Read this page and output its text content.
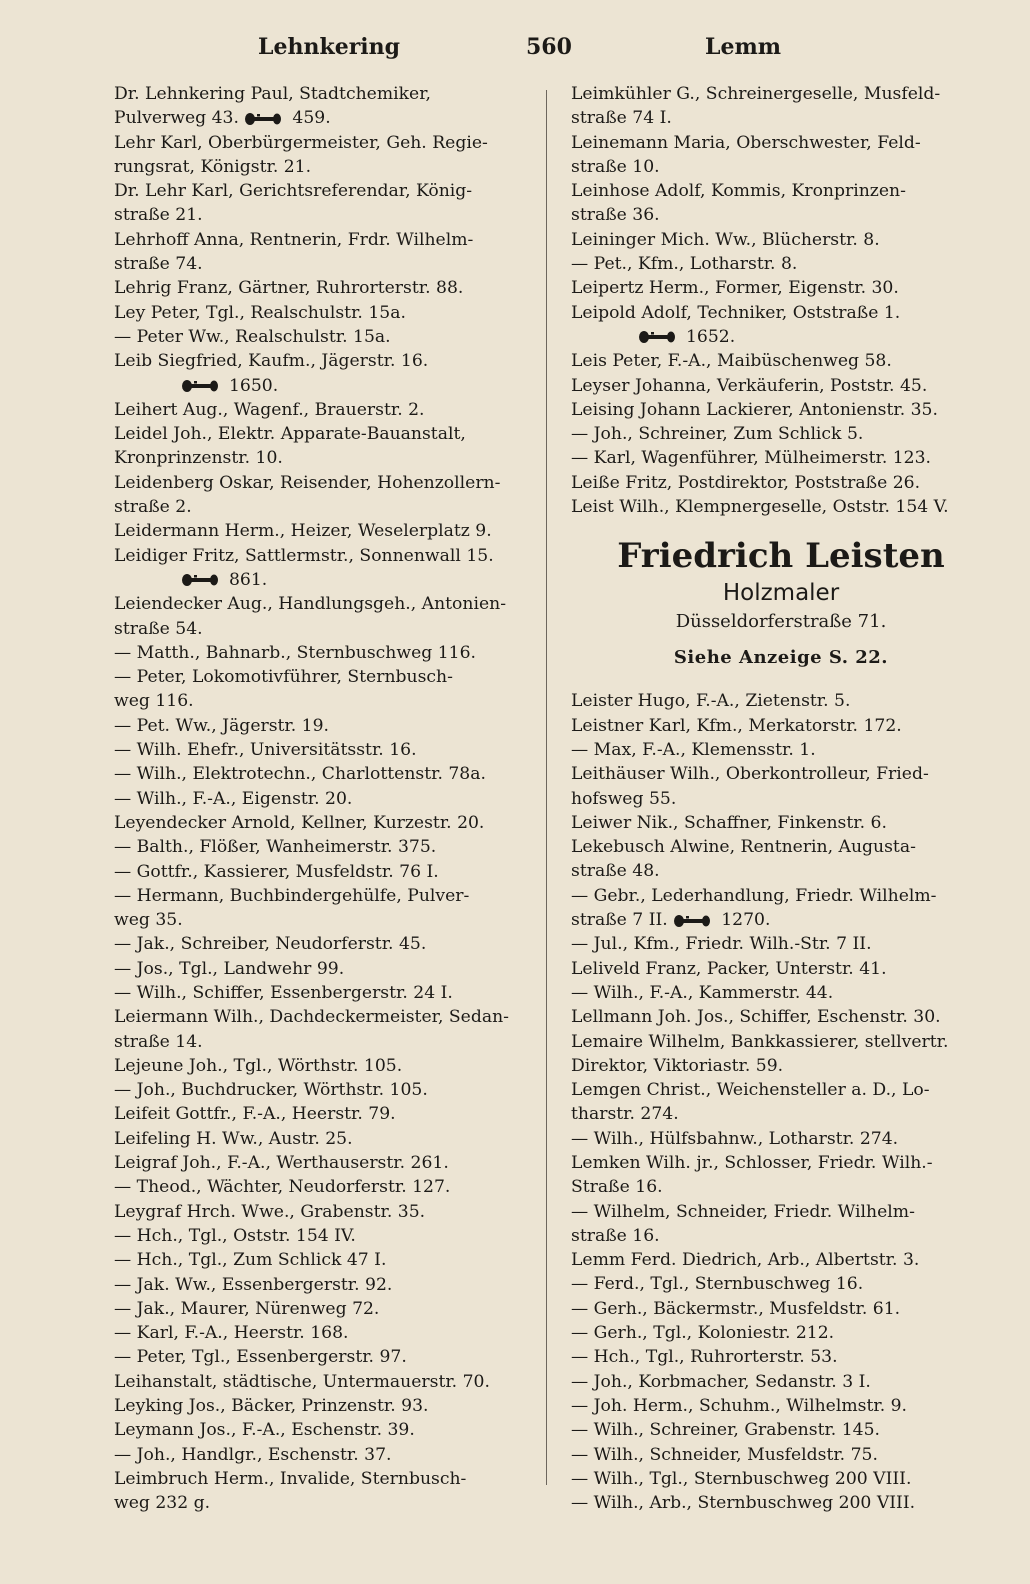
Lehnkering	560	Lemm

Dr. Lehnkering Paul, Stadtchemiker,

Pulverweg 43.	459.

Lehr Karl, Oberbürgermeister, Geh. Regie-

rungsrat, Königstr. 21.

Dr. Lehr Karl, Gerichtsreferendar, König-

straße 21.

Lehrhoff Anna, Rentnerin, Frdr. Wilhelm-

straße 74.

Lehrig Franz, Gärtner, Ruhrorterstr. 88.

Ley Peter, Tgl., Realschulstr. 15a.

— Peter Ww., Realschulstr. 15a.

Leib Siegfried, Kaufm., Jägerstr. 16.

1650.

Leihert Aug., Wagenf., Brauerstr. 2.

Leidel Joh., Elektr. Apparate-Bauanstalt,

Kronprinzenstr. 10.

Leidenberg Oskar, Reisender, Hohenzollern-

straße 2.

Leidermann Herm., Heizer, Weselerplatz 9.

Leidiger Fritz, Sattlermstr., Sonnenwall 15.

861.

Leiendecker Aug., Handlungsgeh., Antonien-

straße 54.

— Matth., Bahnarb., Sternbuschweg 116.

— Peter, Lokomotivführer, Sternbusch-

weg 116.

— Pet. Ww., Jägerstr. 19.

— Wilh. Ehefr., Universitätsstr. 16.

— Wilh., Elektrotechn., Charlottenstr. 78a.

— Wilh., F.-A., Eigenstr. 20.

Leyendecker Arnold, Kellner, Kurzestr. 20.

— Balth., Flößer, Wanheimerstr. 375.

— Gottfr., Kassierer, Musfeldstr. 76 I.

— Hermann, Buchbindergehülfe, Pulver-

weg 35.

— Jak., Schreiber, Neudorferstr. 45.

— Jos., Tgl., Landwehr 99.

— Wilh., Schiffer, Essenbergerstr. 24 I.

Leiermann Wilh., Dachdeckermeister, Sedan-

straße 14.

Lejeune Joh., Tgl., Wörthstr. 105.

— Joh., Buchdrucker, Wörthstr. 105.

Leifeit Gottfr., F.-A., Heerstr. 79.

Leifeling H. Ww., Austr. 25.

Leigraf Joh., F.-A., Werthauserstr. 261.

— Theod., Wächter, Neudorferstr. 127.

Leygraf Hrch. Wwe., Grabenstr. 35.

— Hch., Tgl., Oststr. 154 IV.

— Hch., Tgl., Zum Schlick 47 I.

— Jak. Ww., Essenbergerstr. 92.

— Jak., Maurer, Nürenweg 72.

— Karl, F.-A., Heerstr. 168.

— Peter, Tgl., Essenbergerstr. 97.

Leihanstalt, städtische, Untermauerstr. 70.

Leyking Jos., Bäcker, Prinzenstr. 93.

Leymann Jos., F.-A., Eschenstr. 39.

— Joh., Handlgr., Eschenstr. 37.

Leimbruch Herm., Invalide, Sternbusch-

weg 232 g.

Leimkühler G., Schreinergeselle, Musfeld-

straße 74 I.

Leinemann Maria, Oberschwester, Feld-

straße 10.

Leinhose Adolf, Kommis, Kronprinzen-

straße 36.

Leininger Mich. Ww., Blücherstr. 8.

— Pet., Kfm., Lotharstr. 8.

Leipertz Herm., Former, Eigenstr. 30.

Leipold Adolf, Techniker, Oststraße 1.

1652.

Leis Peter, F.-A., Maibüschenweg 58.

Leyser Johanna, Verkäuferin, Poststr. 45.

Leising Johann Lackierer, Antonienstr. 35.

— Joh., Schreiner, Zum Schlick 5.

— Karl, Wagenführer, Mülheimerstr. 123.

Leiße Fritz, Postdirektor, Poststraße 26.

Leist Wilh., Klempnergeselle, Oststr. 154 V.

Friedrich Leisten
Holzmaler
Düsseldorferstraße 71.
Siehe Anzeige S. 22.

Leister Hugo, F.-A., Zietenstr. 5.

Leistner Karl, Kfm., Merkatorstr. 172.

— Max, F.-A., Klemensstr. 1.

Leithäuser Wilh., Oberkontrolleur, Fried-

hofsweg 55.

Leiwer Nik., Schaffner, Finkenstr. 6.

Lekebusch Alwine, Rentnerin, Augusta-

straße 48.

— Gebr., Lederhandlung, Friedr. Wilhelm-

straße 7 II.	1270.

— Jul., Kfm., Friedr. Wilh.-Str. 7 II.

Leliveld Franz, Packer, Unterstr. 41.

— Wilh., F.-A., Kammerstr. 44.

Lellmann Joh. Jos., Schiffer, Eschenstr. 30.

Lemaire Wilhelm, Bankkassierer, stellvertr.

Direktor, Viktoriastr. 59.

Lemgen Christ., Weichensteller a. D., Lo-

tharstr. 274.

— Wilh., Hülfsbahnw., Lotharstr. 274.

Lemken Wilh. jr., Schlosser, Friedr. Wilh.-

Straße 16.

— Wilhelm, Schneider, Friedr. Wilhelm-

straße 16.

Lemm Ferd. Diedrich, Arb., Albertstr. 3.

— Ferd., Tgl., Sternbuschweg 16.

— Gerh., Bäckermstr., Musfeldstr. 61.

— Gerh., Tgl., Koloniestr. 212.

— Hch., Tgl., Ruhrorterstr. 53.

— Joh., Korbmacher, Sedanstr. 3 I.

— Joh. Herm., Schuhm., Wilhelmstr. 9.

— Wilh., Schreiner, Grabenstr. 145.

— Wilh., Schneider, Musfeldstr. 75.

— Wilh., Tgl., Sternbuschweg 200 VIII.

— Wilh., Arb., Sternbuschweg 200 VIII.
